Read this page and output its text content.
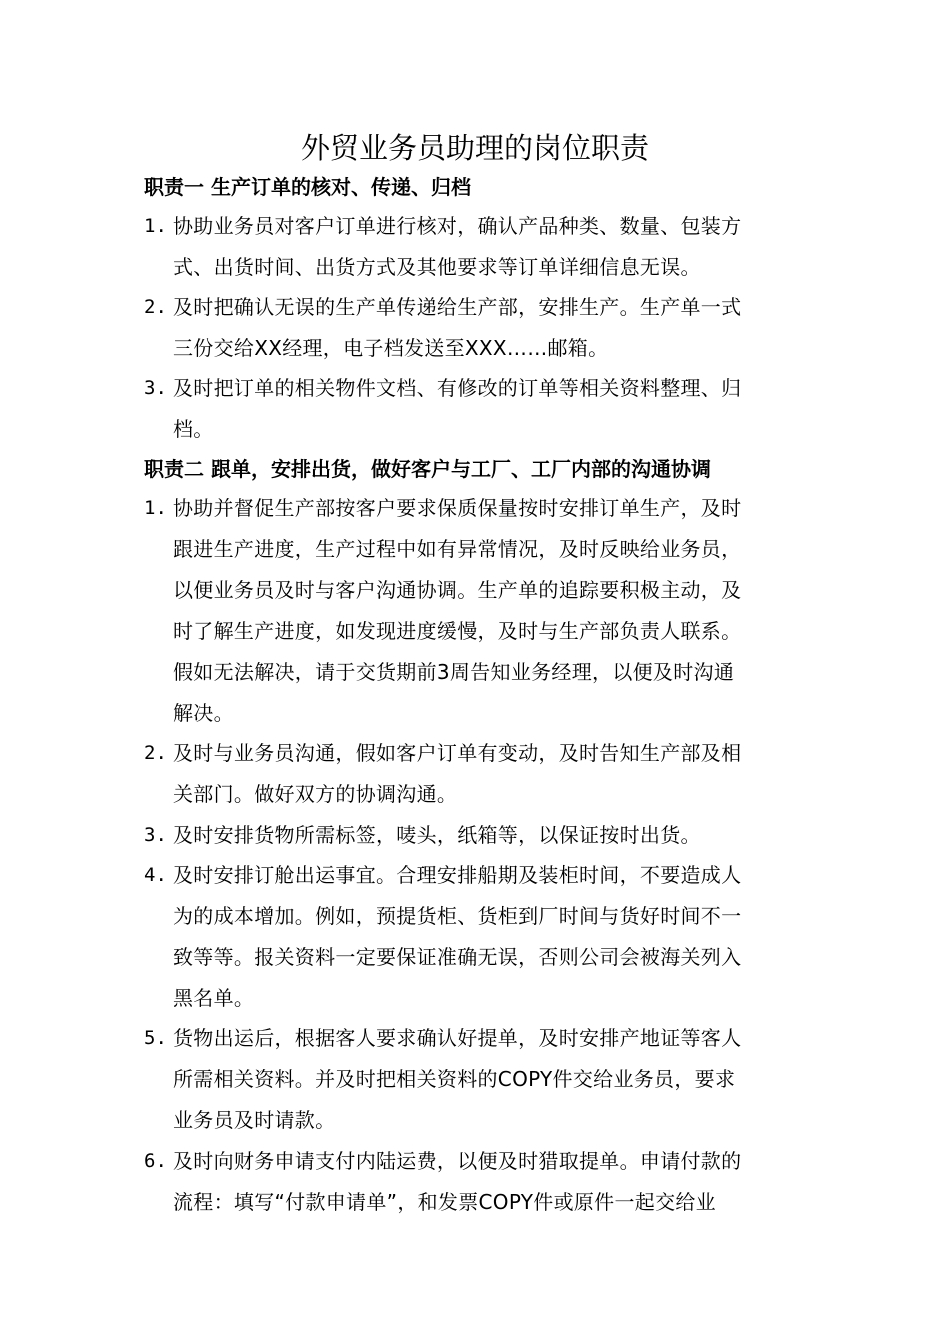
外贸业务员助理的岗位职责
职责一 生产订单的核对、传递、归档
1. 协助业务员对客户订单进行核对，确认产品种类、数量、包装方
式、出货时间、出货方式及其他要求等订单详细信息无误。
2. 及时把确认无误的生产单传递给生产部，安排生产。生产单一式
三份交给XX经理，电子档发送至XXX……邮箱。
3. 及时把订单的相关物件文档、有修改的订单等相关资料整理、归
档。
职责二 跟单，安排出货，做好客户与工厂、工厂内部的沟通协调
1. 协助并督促生产部按客户要求保质保量按时安排订单生产，及时
跟进生产进度，生产过程中如有异常情况，及时反映给业务员，
以便业务员及时与客户沟通协调。生产单的追踪要积极主动，及
时了解生产进度，如发现进度缓慢，及时与生产部负责人联系。
假如无法解决，请于交货期前3周告知业务经理，以便及时沟通
解决。
2. 及时与业务员沟通，假如客户订单有变动，及时告知生产部及相
关部门。做好双方的协调沟通。
3. 及时安排货物所需标签，唛头，纸箱等，以保证按时出货。
4. 及时安排订舱出运事宜。合理安排船期及装柜时间，不要造成人
为的成本增加。例如，预提货柜、货柜到厂时间与货好时间不一
致等等。报关资料一定要保证准确无误，否则公司会被海关列入
黑名单。
5. 货物出运后，根据客人要求确认好提单，及时安排产地证等客人
所需相关资料。并及时把相关资料的COPY件交给业务员，要求
业务员及时请款。
6. 及时向财务申请支付内陆运费，以便及时猎取提单。申请付款的
流程：填写“付款申请单”，和发票COPY件或原件一起交给业
